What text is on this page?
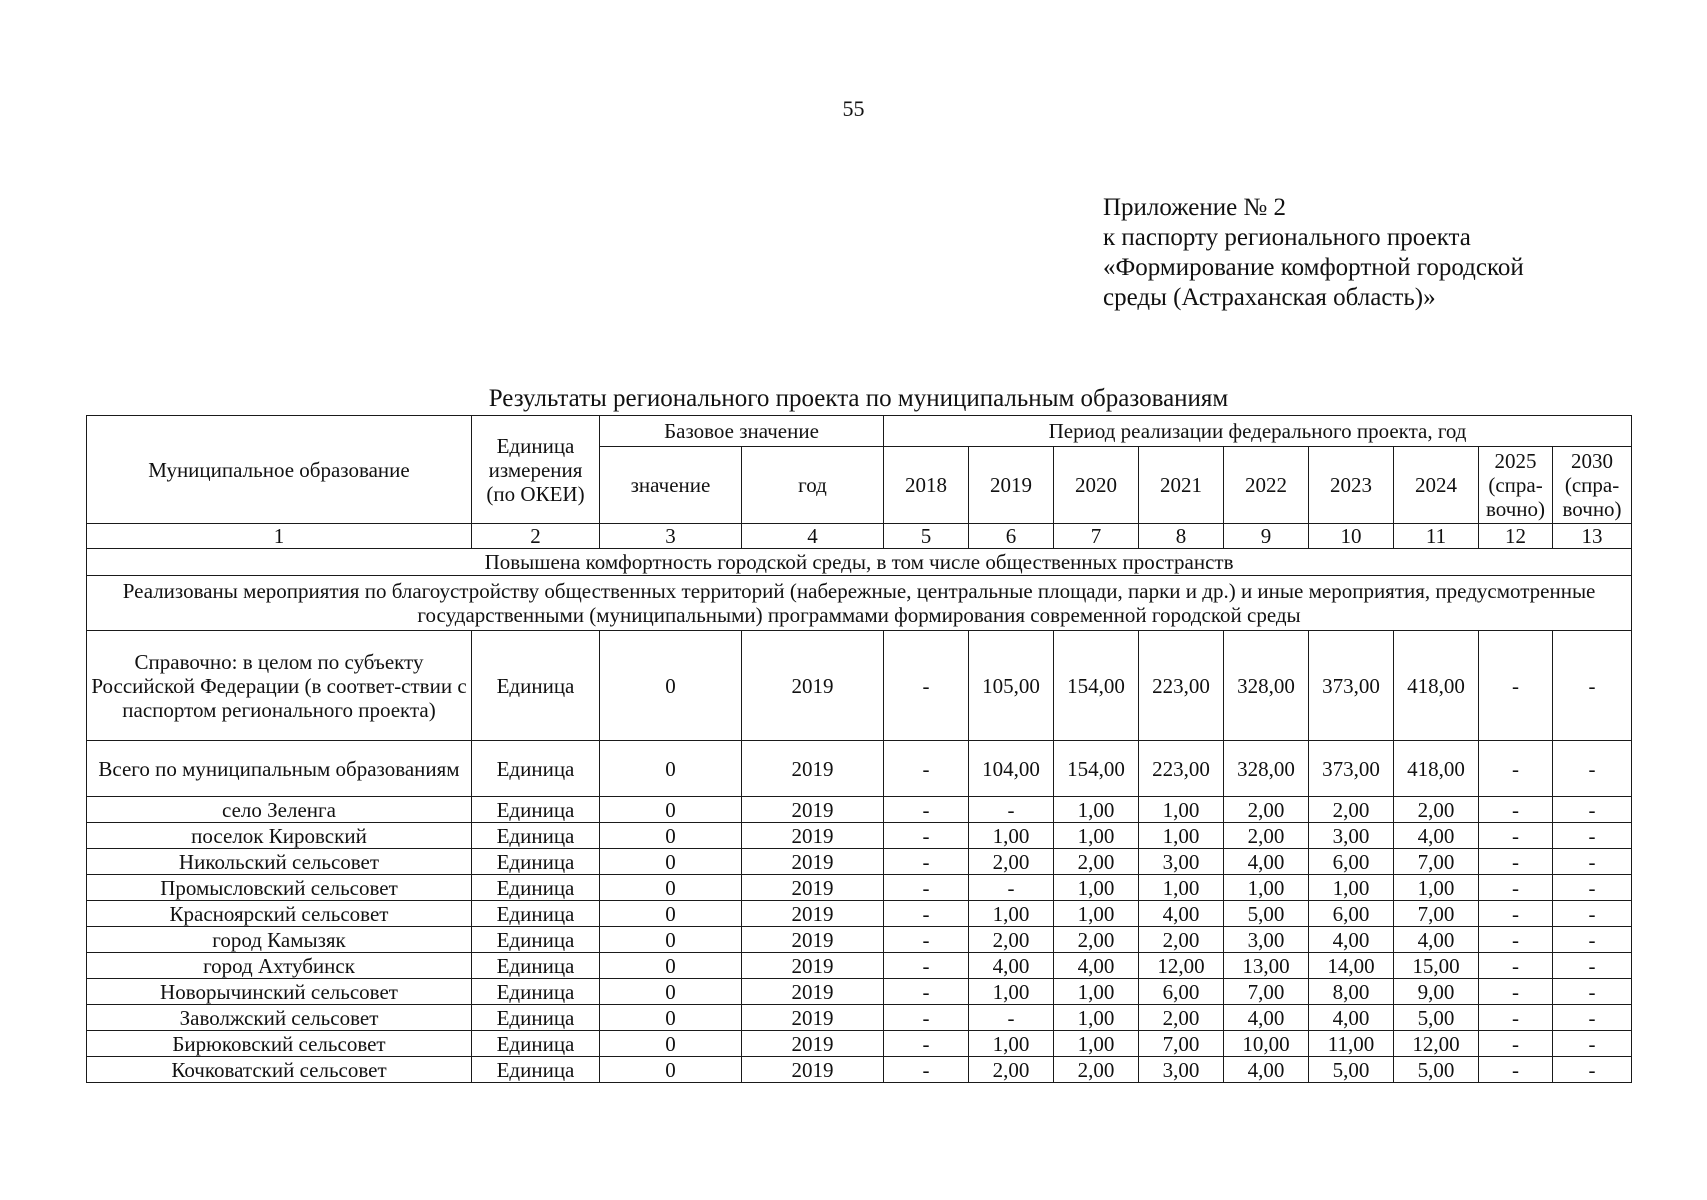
55
Приложение № 2
к паспорту регионального проекта
«Формирование комфортной городской
среды (Астраханская область)»
Результаты регионального проекта по муниципальным образованиям
Муниципальное образование	Единица измерения (по ОКЕИ)	Базовое значение		Период реализации федерального проекта, год								
		значение	год	2018	2019	2020	2021	2022	2023	2024	2025 (спра-вочно)	2030 (спра-вочно)
1	2	3	4	5	6	7	8	9	10	11	12	13
Повышена комфортность городской среды, в том числе общественных пространств												
Реализованы мероприятия по благоустройству общественных территорий (набережные, центральные площади, парки и др.) и иные мероприятия, предусмотренные государственными (муниципальными) программами формирования современной городской среды												
Справочно: в целом по субъекту Российской Федерации (в соответ-ствии с паспортом регионального проекта)	Единица	0	2019	-	105,00	154,00	223,00	328,00	373,00	418,00	-	-
Всего по муниципальным образованиям	Единица	0	2019	-	104,00	154,00	223,00	328,00	373,00	418,00	-	-
село Зеленга	Единица	0	2019	-	-	1,00	1,00	2,00	2,00	2,00	-	-
поселок Кировский	Единица	0	2019	-	1,00	1,00	1,00	2,00	3,00	4,00	-	-
Никольский сельсовет	Единица	0	2019	-	2,00	2,00	3,00	4,00	6,00	7,00	-	-
Промысловский сельсовет	Единица	0	2019	-	-	1,00	1,00	1,00	1,00	1,00	-	-
Красноярский сельсовет	Единица	0	2019	-	1,00	1,00	4,00	5,00	6,00	7,00	-	-
город Камызяк	Единица	0	2019	-	2,00	2,00	2,00	3,00	4,00	4,00	-	-
город Ахтубинск	Единица	0	2019	-	4,00	4,00	12,00	13,00	14,00	15,00	-	-
Новорычинский сельсовет	Единица	0	2019	-	1,00	1,00	6,00	7,00	8,00	9,00	-	-
Заволжский сельсовет	Единица	0	2019	-	-	1,00	2,00	4,00	4,00	5,00	-	-
Бирюковский сельсовет	Единица	0	2019	-	1,00	1,00	7,00	10,00	11,00	12,00	-	-
Кочковатский сельсовет	Единица	0	2019	-	2,00	2,00	3,00	4,00	5,00	5,00	-	-
